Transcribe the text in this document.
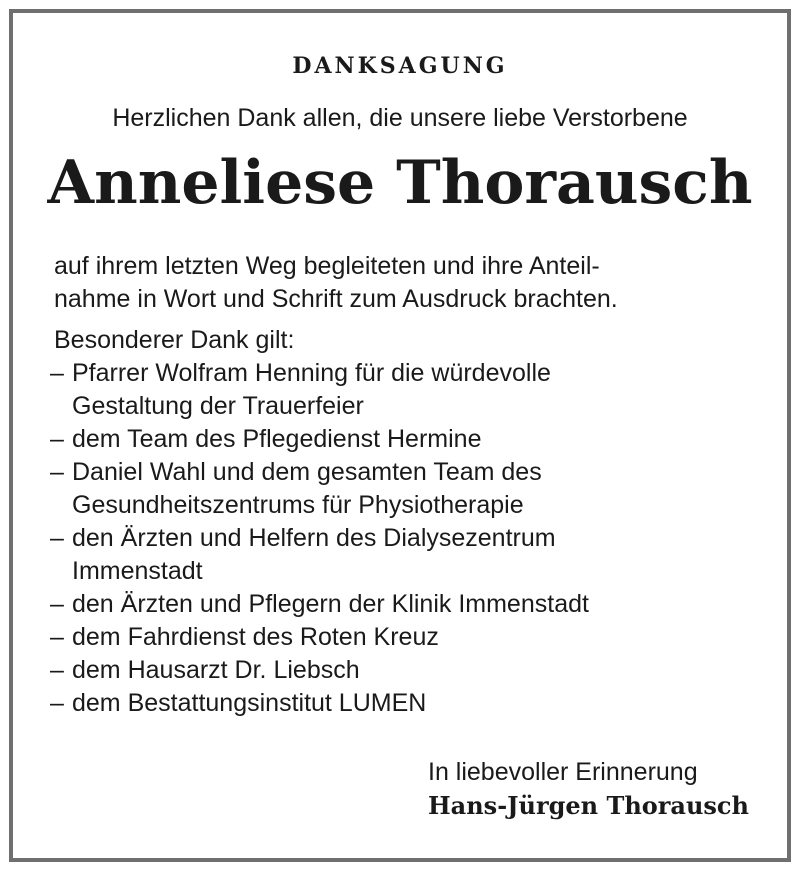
DANKSAGUNG
Herzlichen Dank allen, die unsere liebe Verstorbene
Anneliese Thorausch

auf ihrem letzten Weg begleiteten und ihre Anteil-

nahme in Wort und Schrift zum Ausdruck brachten.

Besonderer Dank gilt:

– Pfarrer Wolfram Henning für die würdevolle Gestaltung der Trauerfeier
– dem Team des Pflegedienst Hermine
– Daniel Wahl und dem gesamten Team des Gesundheitszentrums für Physiotherapie
– den Ärzten und Helfern des Dialysezentrum Immenstadt
– den Ärzten und Pflegern der Klinik Immenstadt
– dem Fahrdienst des Roten Kreuz
– dem Hausarzt Dr. Liebsch
– dem Bestattungsinstitut LUMEN
In liebevoller Erinnerung
Hans-Jürgen Thorausch
